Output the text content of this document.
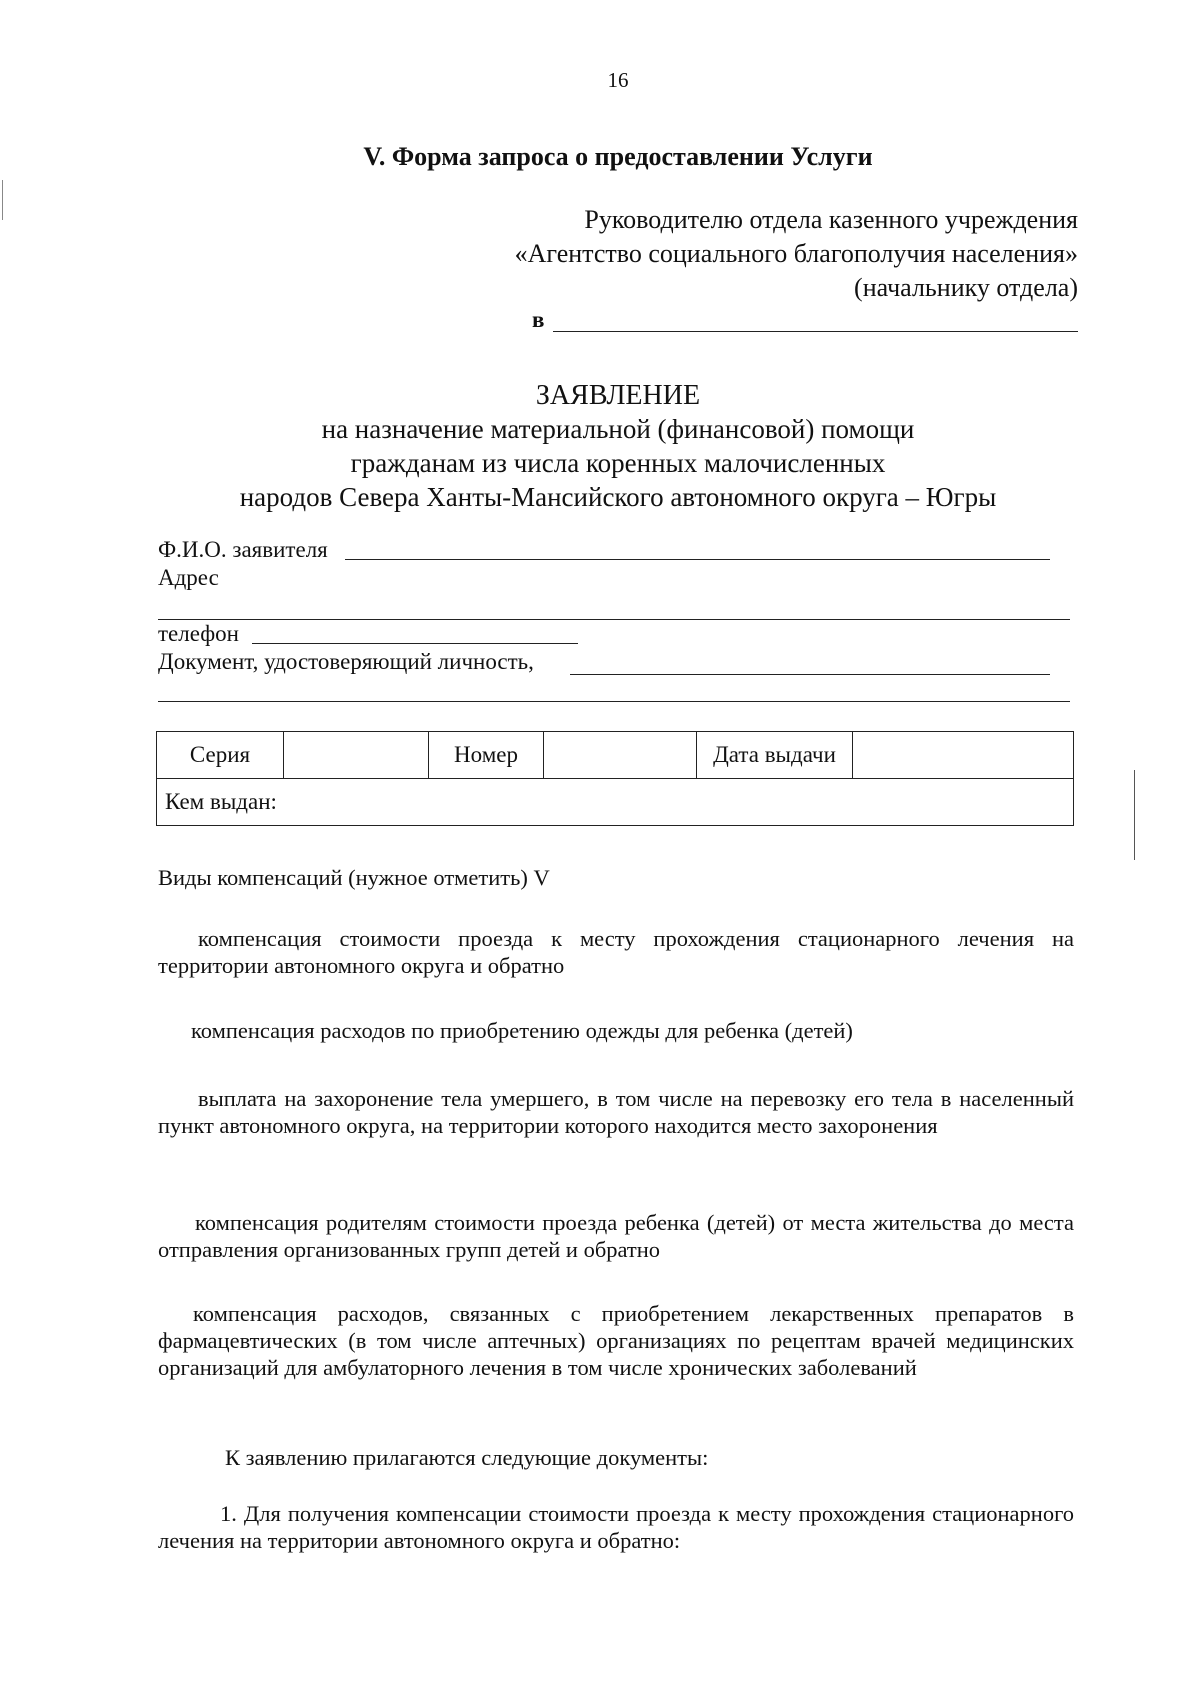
16
V. Форма запроса о предоставлении Услуги
Руководителю отдела казенного учреждения
«Агентство социального благополучия населения»
(начальнику отдела)
в
ЗАЯВЛЕНИЕ
на назначение материальной (финансовой) помощи
гражданам из числа коренных малочисленных
народов Севера Ханты-Мансийского автономного округа – Югры
Ф.И.О. заявителя
Адрес
телефон
Документ, удостоверяющий личность,
Серия		Номер		Дата выдачи	
Кем выдан:
Виды компенсаций (нужное отметить) V
компенсация стоимости проезда к месту прохождения стационарного лечения на территории автономного округа и обратно
компенсация расходов по приобретению одежды для ребенка (детей)
выплата на захоронение тела умершего, в том числе на перевозку его тела в населенный пункт автономного округа, на территории которого находится место захоронения
компенсация родителям стоимости проезда ребенка (детей) от места жительства до места отправления организованных групп детей и обратно
компенсация расходов, связанных с приобретением лекарственных препаратов в фармацевтических (в том числе аптечных) организациях по рецептам врачей медицинских организаций для амбулаторного лечения в том числе хронических заболеваний
К заявлению прилагаются следующие документы:
1. Для получения компенсации стоимости проезда к месту прохождения стационарного лечения на территории автономного округа и обратно:
